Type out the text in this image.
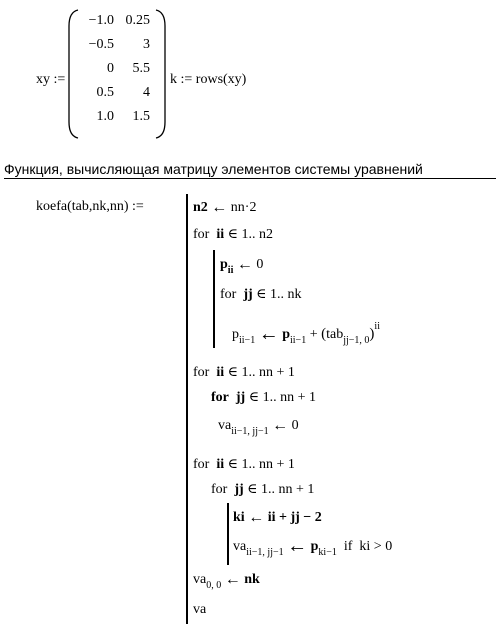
xy :=
−1.0 0.25
−0.5 3
0 5.5
0.5 4
1.0 1.5
k := rows(xy)
Функция, вычисляющая матрицу элементов системы уравнений
koefa(tab,nk,nn) :=	n2 ← nn·2
for ii ∈ 1.. n2
$p_{ii}$ ← 0
for jj ∈ 1.. nk
$p_{ii-1}$ ← $p_{ii-1} + (tab_{jj-1, 0})^{ii}$
for ii ∈ 1.. nn + 1
for jj ∈ 1.. nn + 1
$va_{ii-1, jj-1}$ ← 0
for ii ∈ 1.. nn + 1
for jj ∈ 1.. nn + 1
ki ← ii + jj − 2
$va_{ii-1, jj-1}$ ← $p_{ki-1}$ if ki > 0
$va_{0, 0}$ ← nk
va
